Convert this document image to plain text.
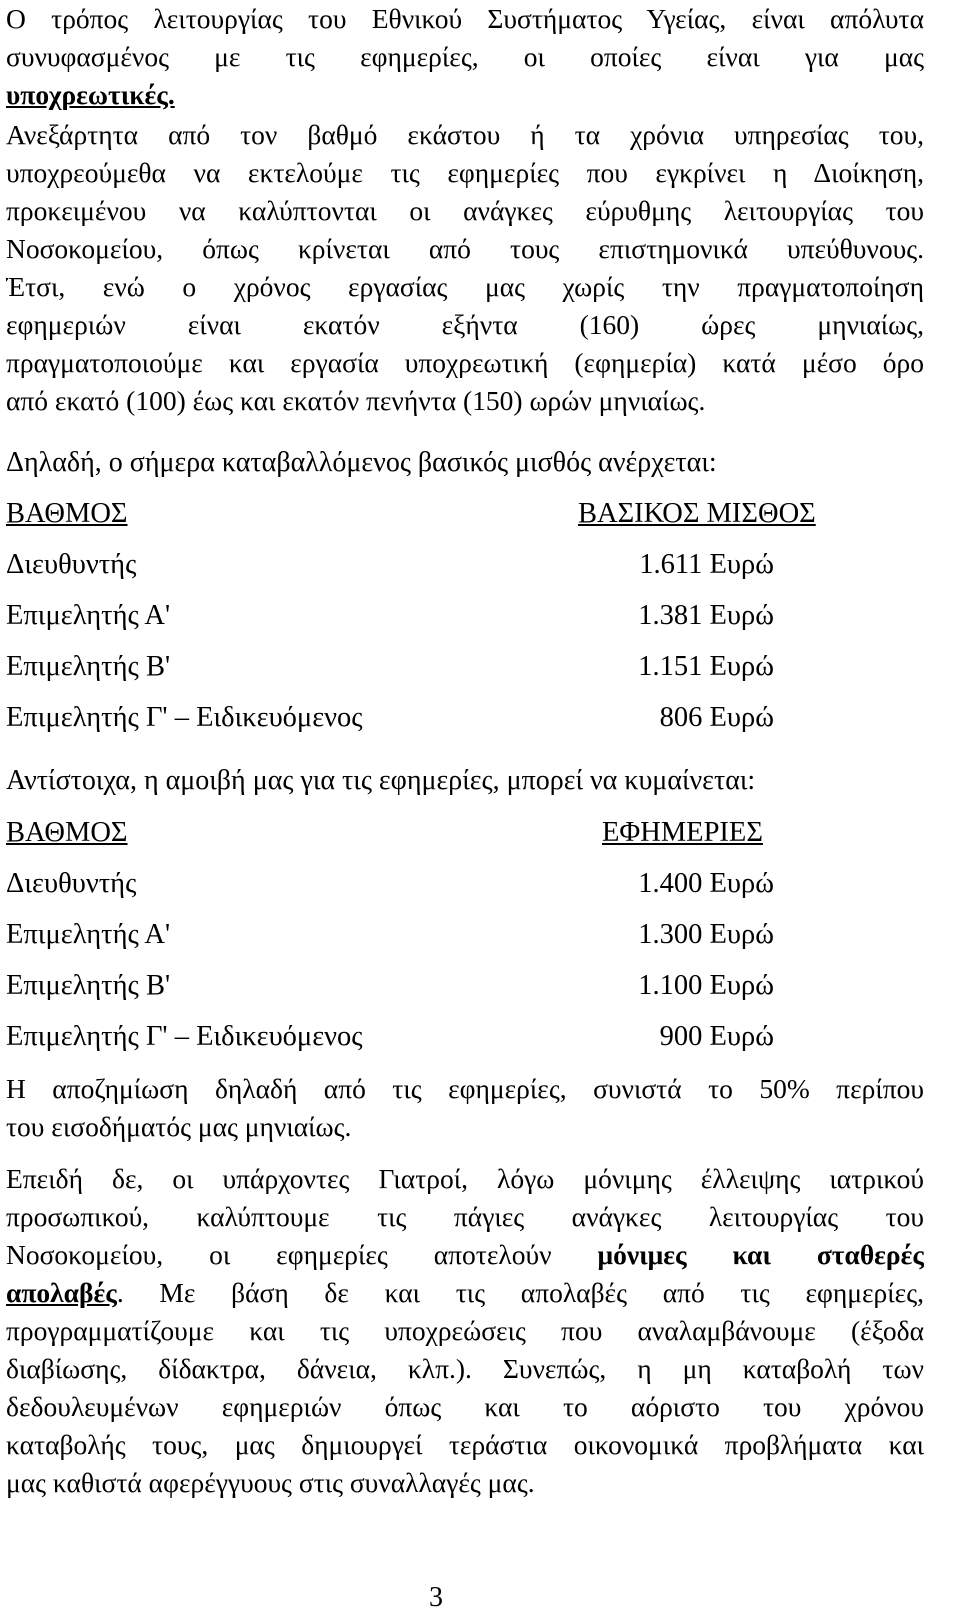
Ο τρόπος λειτουργίας του Εθνικού Συστήματος Υγείας, είναι απόλυτα
συνυφασμένος με τις εφημερίες, οι οποίες είναι για μας
υποχρεωτικές.
Ανεξάρτητα από τον βαθμό εκάστου ή τα χρόνια υπηρεσίας του,
υποχρεούμεθα να εκτελούμε τις εφημερίες που εγκρίνει η Διοίκηση,
προκειμένου να καλύπτονται οι ανάγκες εύρυθμης λειτουργίας του
Νοσοκομείου, όπως κρίνεται από τους επιστημονικά υπεύθυνους.
Έτσι, ενώ ο χρόνος εργασίας μας χωρίς την πραγματοποίηση
εφημεριών είναι εκατόν εξήντα (160) ώρες μηνιαίως,
πραγματοποιούμε και εργασία υποχρεωτική (εφημερία) κατά μέσο όρο
από εκατό (100) έως και εκατόν πενήντα (150) ωρών μηνιαίως.
Δηλαδή, ο σήμερα καταβαλλόμενος βασικός μισθός ανέρχεται:
ΒΑΘΜΟΣ	ΒΑΣΙΚΟΣ ΜΙΣΘΟΣ
Διευθυντής	1.611 Ευρώ
Επιμελητής Α'	1.381 Ευρώ
Επιμελητής Β'	1.151 Ευρώ
Επιμελητής Γ' – Ειδικευόμενος	806 Ευρώ
Αντίστοιχα, η αμοιβή μας για τις εφημερίες, μπορεί να κυμαίνεται:
ΒΑΘΜΟΣ	ΕΦΗΜΕΡΙΕΣ
Διευθυντής	1.400 Ευρώ
Επιμελητής Α'	1.300 Ευρώ
Επιμελητής Β'	1.100 Ευρώ
Επιμελητής Γ' – Ειδικευόμενος	900 Ευρώ
Η αποζημίωση δηλαδή από τις εφημερίες, συνιστά το 50% περίπου
του εισοδήματός μας μηνιαίως.
Επειδή δε, οι υπάρχοντες Γιατροί, λόγω μόνιμης έλλειψης ιατρικού
προσωπικού, καλύπτουμε τις πάγιες ανάγκες λειτουργίας του
Νοσοκομείου, οι εφημερίες αποτελούν μόνιμες και σταθερές
απολαβές. Με βάση δε και τις απολαβές από τις εφημερίες,
προγραμματίζουμε και τις υποχρεώσεις που αναλαμβάνουμε (έξοδα
διαβίωσης, δίδακτρα, δάνεια, κλπ.). Συνεπώς, η μη καταβολή των
δεδουλευμένων εφημεριών όπως και το αόριστο του χρόνου
καταβολής τους, μας δημιουργεί τεράστια οικονομικά προβλήματα και
μας καθιστά αφερέγγυους στις συναλλαγές μας.
3
